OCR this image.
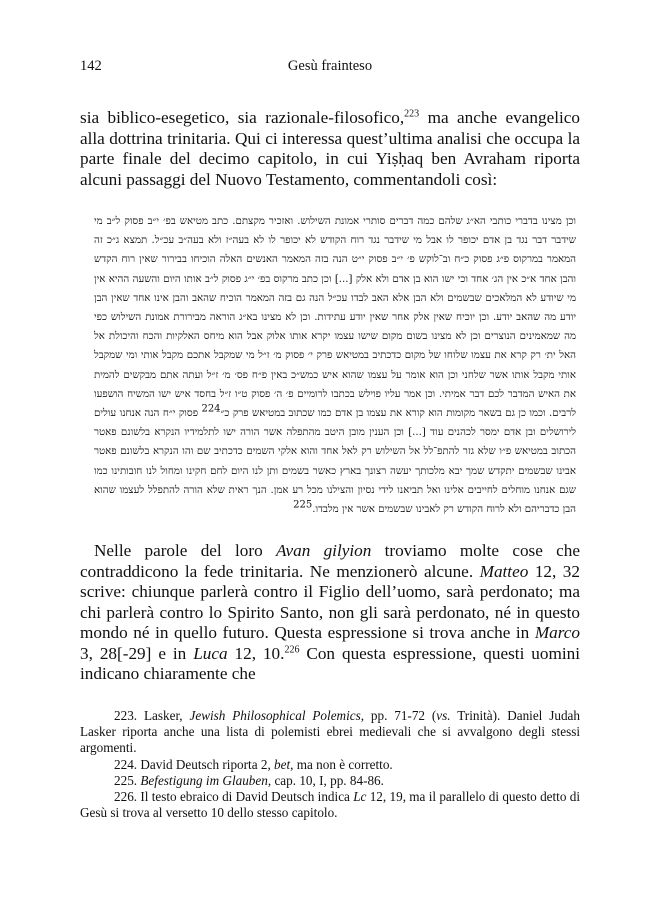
142	Gesù frainteso

sia biblico-esegetico, sia razionale-filosofico,$^{223}$ ma anche evangelico alla dottrina trinitaria. Qui ci interessa quest’ultima analisi che occupa la parte finale del decimo capitolo, in cui Yiṣḥaq ben Avraham riporta alcuni passaggi del Nuovo Testamento, commentandoli così:

וכן מצינו בדברי כותבי הא״ג שלהם כמה דברים סותרי אמונת השילוש. ואזכיר מקצתם. כתב מטיאש בפ׳ י״ב פסוק ל״ב מי שידבר דבר נגד בן אדם יכופר לו אבל מי שידבר נגד רוח הקודש לא יכופר לו לא בעה״ז ולא בעה״ב עכ״ל. תמצא ג״כ זה המאמר במרקוס פ״ג פסוק כ״ח וב־לוקש פ׳ י״ב פסוק י״ט הנה בזה המאמר האנשים האלה הוכיחו בבירור שאין רוח הקדש והבן אחד א״כ אין הג׳ אחד וכי ישו הוא בן אדם ולא אלק [...] וכן כתב מרקוס בפ׳ י״ג פסוק ל״ב אותו היום והשעה ההיא אין מי שיודע לא המלאכים שבשמים ולא הבן אלא האב לבדו עכ״ל הנה גם בזה המאמר הוכיח שהאב והבן אינו אחד שאין הבן יודע מה שהאב יודע. וכן יוכיח שאין אלק אחר שאין יודע עתידות. וכן לא מצינו בא״ג הוראה מבירורת אמונת השילוש כפי מה שמאמינים הנוצרים וכן לא מצינו בשום מקום שישו עצמו יקרא אותו אלוק אבל הוא מיחס האלקיות והכח והיכולת אל האל ית׳ רק קרא את עצמו שלוחו של מקום כדכתיב במטיאש פרק י׳ פסוק מ׳ ז״ל מי שמקבל אתכם מקבל אותי ומי שמקבל אותי מקבל אותו אשר שלחני וכן הוא אומר על עצמו שהוא איש כמש״כ באין פ״ח פס׳ מ׳ ז״ל ועתה אתם מבקשים להמית את האיש המדבר לכם דבר אמיתי. וכן אמר עליו פוילש בכתבו לרומיים פ׳ ה׳ פסוק ט״ו ז״ל בחסד איש ישו המשיח הושפעו לרבים. וכמו כן גם בשאר מקומות הוא קורא את עצמו בן אדם כמו שכתוב במטיאש פרק כ״$^{224}$ פסוק י״ח הנה אנחנו עולים לירושלים ובן אדם ימסר לכהנים עוד [...] וכן הענין מובן היטב מהתפלה אשר הורה ישו לתלמידיו הנקרא בלשונם פאטר הכתוב במטיאש פ״ו שלא גזר להתפ־לל אל השילוש רק לאל אחד והוא אלקי השמים כדכתיב שם והו הנקרא בלשונם פאטר אבינו שבשמים יתקדש שמך יבא מלכותך יעשה רצונך בארץ כאשר בשמים ותן לנו היום לחם חקינו ומחול לנו חובותינו כמו שגם אנחנו מוחלים לחייבים אלינו ואל תביאנו לידי נסיון והצילנו מכל רע אמן. הנך ראית שלא הורה להתפלל לעצמו שהוא הבן כדבריהם ולא לרוח הקודש רק לאבינו שבשמים אשר אין מלבדו.$^{225}$

Nelle parole del loro Avan gilyion troviamo molte cose che contraddicono la fede trinitaria. Ne menzionerò alcune. Matteo 12, 32 scrive: chiunque parlerà contro il Figlio dell’uomo, sarà perdonato; ma chi parlerà contro lo Spirito Santo, non gli sarà perdonato, né in questo mondo né in quello futuro. Questa espressione si trova anche in Marco 3, 28[-29] e in Luca 12, 10.$^{226}$ Con questa espressione, questi uomini indicano chiaramente che

223. Lasker, Jewish Philosophical Polemics, pp. 71-72 (vs. Trinità). Daniel Judah Lasker riporta anche una lista di polemisti ebrei medievali che si avvalgono degli stessi argomenti.

224. David Deutsch riporta 2, bet, ma non è corretto.

225. Befestigung im Glauben, cap. 10, I, pp. 84-86.

226. Il testo ebraico di David Deutsch indica Lc 12, 19, ma il parallelo di questo detto di Gesù si trova al versetto 10 dello stesso capitolo.
